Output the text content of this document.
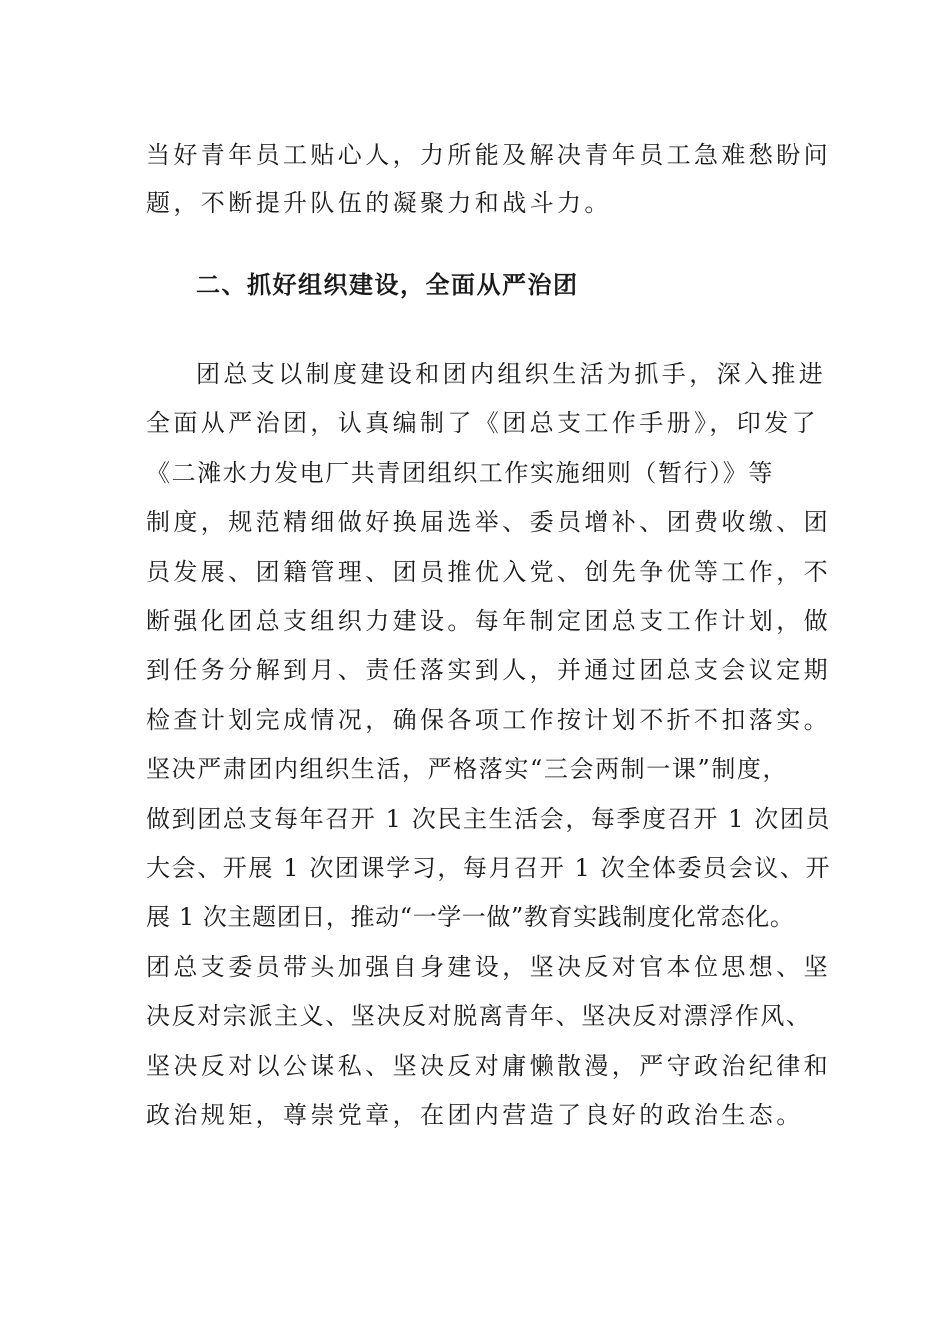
当好青年员工贴心人，力所能及解决青年员工急难愁盼问
题，不断提升队伍的凝聚力和战斗力。
二、抓好组织建设，全面从严治团
团总支以制度建设和团内组织生活为抓手，深入推进
全面从严治团，认真编制了《团总支工作手册》，印发了
《二滩水力发电厂共青团组织工作实施细则（暂行）》等
制度，规范精细做好换届选举、委员增补、团费收缴、团
员发展、团籍管理、团员推优入党、创先争优等工作，不
断强化团总支组织力建设。每年制定团总支工作计划，做
到任务分解到月、责任落实到人，并通过团总支会议定期
检查计划完成情况，确保各项工作按计划不折不扣落实。
坚决严肃团内组织生活，严格落实“三会两制一课”制度，
做到团总支每年召开 1 次民主生活会，每季度召开 1 次团员
大会、开展 1 次团课学习，每月召开 1 次全体委员会议、开
展 1 次主题团日，推动“一学一做”教育实践制度化常态化。
团总支委员带头加强自身建设，坚决反对官本位思想、坚
决反对宗派主义、坚决反对脱离青年、坚决反对漂浮作风、
坚决反对以公谋私、坚决反对庸懒散漫，严守政治纪律和
政治规矩，尊崇党章，在团内营造了良好的政治生态。
